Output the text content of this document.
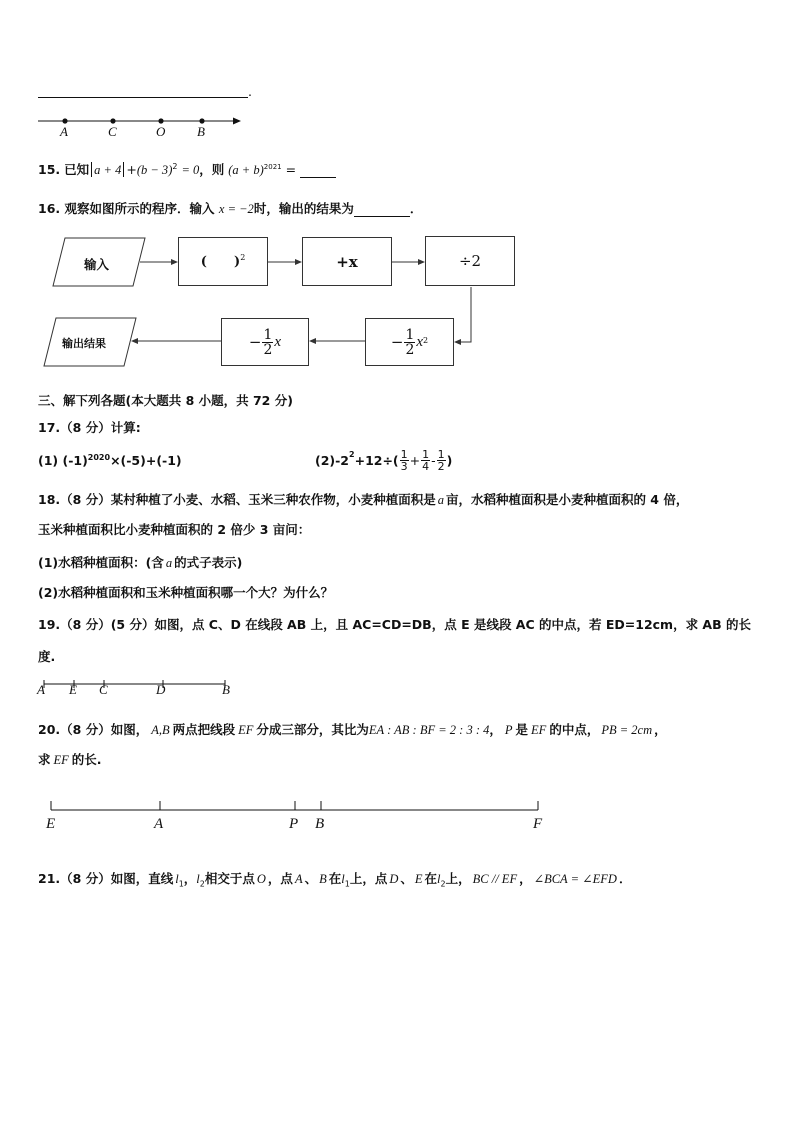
.
A	C	O B
15. 已知 $a + 4 +(b - 3)^2 = 0$，则 $(a + b)^{2021}$ =
16. 观察如图所示的程序．输入 x = −2时，输出的结果为	．
输入	(      )$^2$	+x	÷2
− $\frac{1}{2}$ x 2
− $\frac{1}{2}$ x
输出结果
三、解下列各题(本大题共 8 小题，共 72 分)
17.（8 分）计算:
(1) $(-1)^{2020}\times(-5)+(-1)$	$(2)-2^2 +12\div( \frac{1}{3} + \frac{1}{4} - \frac{1}{2}$ )
18.（8 分）某村种植了小麦、水稻、玉米三种农作物，小麦种植面积是 a 亩，水稻种植面积是小麦种植面积的 4 倍，
玉米种植面积比小麦种植面积的 2 倍少 3 亩问：
(1)水稻种植面积：(含 a 的式子表示)
(2)水稻种植面积和玉米种植面积哪一个大？为什么？
19.（8 分）(5 分）如图，点 C、D 在线段 AB 上，且 AC=CD=DB，点 E 是线段 AC 的中点，若 ED=12cm，求 AB 的长
度.
A E C	D	B
20.（8 分）如图， A,B 两点把线段 EF 分成三部分，其比为EA : AB : BF = 2 : 3 : 4， P 是 EF 的中点， PB = 2cm ，
求 EF 的长.
E	A	P B	F
21.（8 分）如图，直线 $l_1$，$l_2$相交于点 O ，点 A 、 B 在$l_1$上，点 D 、 E 在$l_2$上， BC // EF ， ∠BCA = ∠EFD ．
